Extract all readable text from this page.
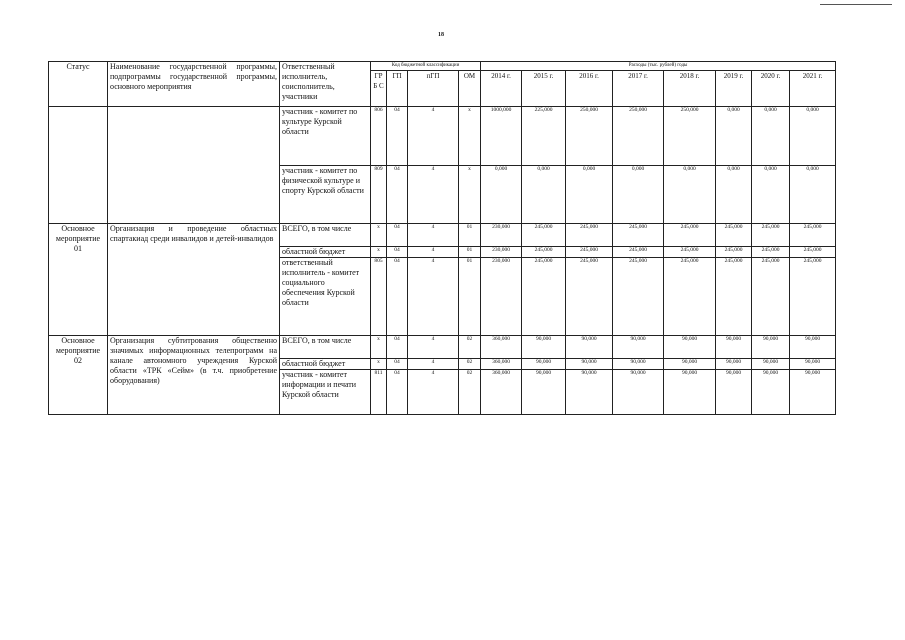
18
Статус	Наименование государственной программы, подпрограммы государственной программы, основного мероприятия	Ответственный исполнитель, соисполнитель, участники	Код бюджетной классификации				Расходы (тыс. рублей) годы							
			ГРБ С	ГП	пГП	ОМ	2014 г.	2015 г.	2016 г.	2017 г.	2018 г.	2019 г.	2020 г.	2021 г.
		участник - комитет по культуре Курской области	806	04	4	х	1000,000	225,000	250,000	250,000	250,000	0,000	0,000	0,000
		участник - комитет по физической культуре и спорту Курской области	809	04	4	х	0,000	0,000	0,000	0,000	0,000	0,000	0,000	0,000
Основное мероприятие 01	Организация и проведение областных спартакиад среди инвалидов и детей-инвалидов	ВСЕГО, в том числе	х	04	4	01	230,000	245,000	245,000	245,000	245,000	245,000	245,000	245,000
		областной бюджет	х	04	4	01	230,000	245,000	245,000	245,000	245,000	245,000	245,000	245,000
		ответственный исполнитель - комитет социального обеспечения Курской области	805	04	4	01	230,000	245,000	245,000	245,000	245,000	245,000	245,000	245,000
Основное мероприятие 02	Организация субтитрования общественно значимых информационных телепрограмм на канале автономного учреждения Курской области «ТРК «Сейм» (в т.ч. приобретение оборудования)	ВСЕГО, в том числе	х	04	4	02	360,000	90,000	90,000	90,000	90,000	90,000	90,000	90,000
		областной бюджет	х	04	4	02	360,000	90,000	90,000	90,000	90,000	90,000	90,000	90,000
		участник - комитет информации и печати Курской области	811	04	4	02	360,000	90,000	90,000	90,000	90,000	90,000	90,000	90,000
